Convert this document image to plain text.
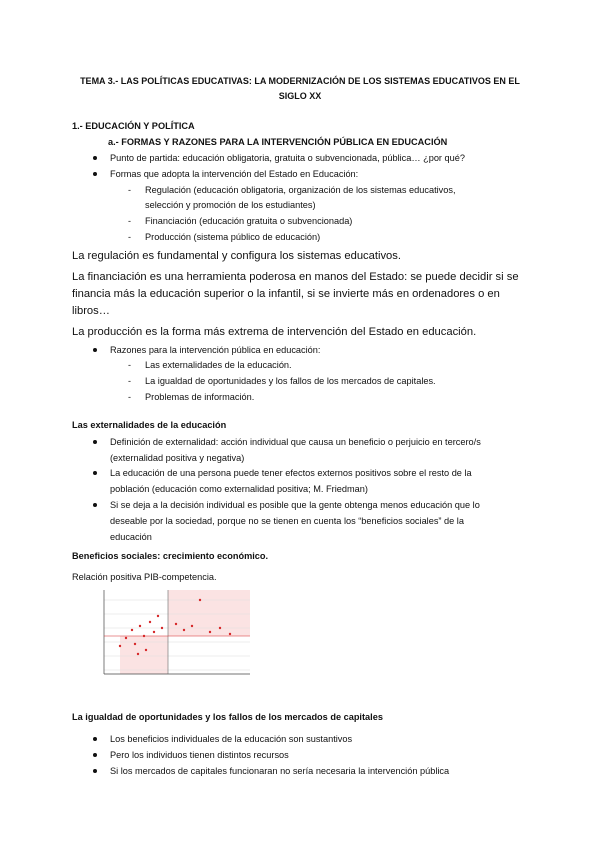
TEMA 3.- LAS POLÍTICAS EDUCATIVAS: LA MODERNIZACIÓN DE LOS SISTEMAS EDUCATIVOS EN EL
SIGLO XX
1.- EDUCACIÓN Y POLÍTICA
a.- FORMAS Y RAZONES PARA LA INTERVENCIÓN PÚBLICA EN EDUCACIÓN
Punto de partida: educación obligatoria, gratuita o subvencionada, pública… ¿por qué?
Formas que adopta la intervención del Estado en Educación:
- Regulación (educación obligatoria, organización de los sistemas educativos,
selección y promoción de los estudiantes)
- Financiación (educación gratuita o subvencionada)
- Producción (sistema público de educación)
La regulación es fundamental y configura los sistemas educativos.
La financiación es una herramienta poderosa en manos del Estado: se puede decidir si se
financia más la educación superior o la infantil, si se invierte más en ordenadores o en
libros…
La producción es la forma más extrema de intervención del Estado en educación.
Razones para la intervención pública en educación:
- Las externalidades de la educación.
- La igualdad de oportunidades y los fallos de los mercados de capitales.
- Problemas de información.
Las externalidades de la educación
Definición de externalidad: acción individual que causa un beneficio o perjuicio en tercero/s
(externalidad positiva y negativa)
La educación de una persona puede tener efectos externos positivos sobre el resto de la
población (educación como externalidad positiva; M. Friedman)
Si se deja a la decisión individual es posible que la gente obtenga menos educación que lo
deseable por la sociedad, porque no se tienen en cuenta los “beneficios sociales” de la
educación
Beneficios sociales: crecimiento económico.
Relación positiva PIB-competencia.
La igualdad de oportunidades y los fallos de los mercados de capitales
Los beneficios individuales de la educación son sustantivos
Pero los individuos tienen distintos recursos
Si los mercados de capitales funcionaran no sería necesaria la intervención pública
